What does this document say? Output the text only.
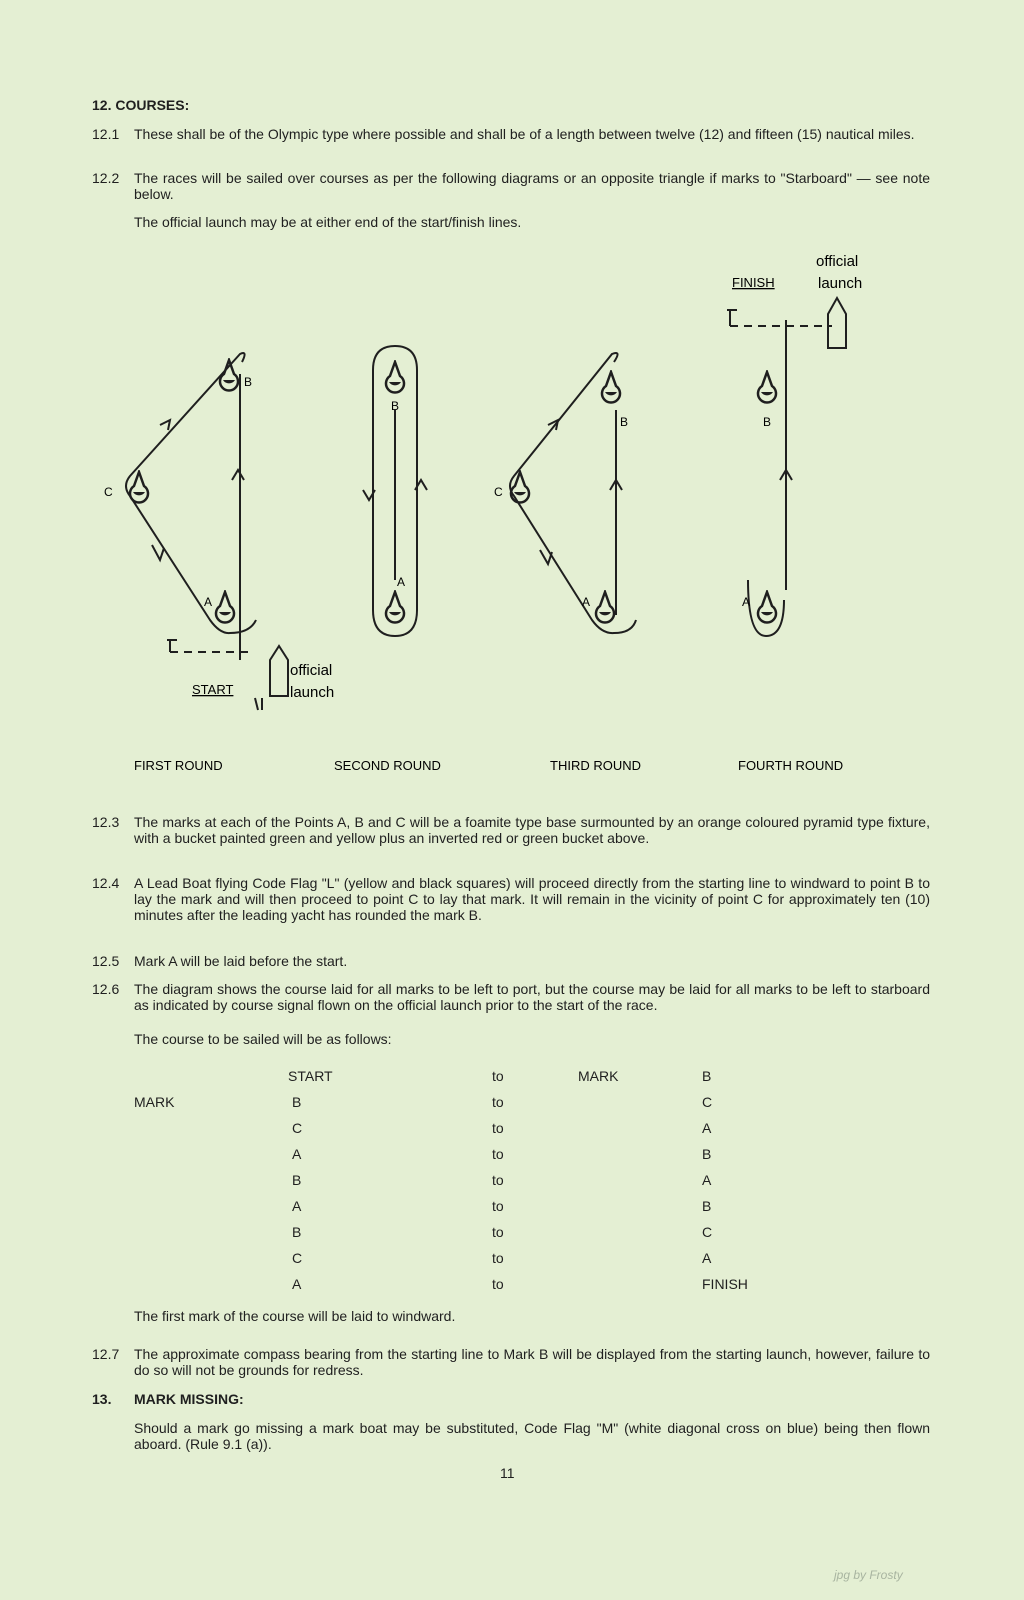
12. COURSES:
12.1 These shall be of the Olympic type where possible and shall be of a length between twelve (12) and fifteen (15) nautical miles.
12.2 The races will be sailed over courses as per the following diagrams or an opposite triangle if marks to "Starboard" — see note below.
The official launch may be at either end of the start/finish lines.
B
C
A
B
A
B
C
A
B
A
START
official
launch
FINISH
official
launch
FIRST ROUND	SECOND ROUND	THIRD ROUND	FOURTH ROUND
12.3 The marks at each of the Points A, B and C will be a foamite type base surmounted by an orange coloured pyramid type fixture, with a bucket painted green and yellow plus an inverted red or green bucket above.
12.4 A Lead Boat flying Code Flag "L" (yellow and black squares) will proceed directly from the starting line to windward to point B to lay the mark and will then proceed to point C to lay that mark. It will remain in the vicinity of point C for approximately ten (10) minutes after the leading yacht has rounded the mark B.
12.5 Mark A will be laid before the start.
12.6 The diagram shows the course laid for all marks to be left to port, but the course may be laid for all marks to be left to starboard as indicated by course signal flown on the official launch prior to the start of the race.
The course to be sailed will be as follows:
START	to	MARK	B
MARK	B	to	C
C	to	A
A	to	B
B	to	A
A	to	B
B	to	C
C	to	A
A	to	FINISH
The first mark of the course will be laid to windward.
12.7 The approximate compass bearing from the starting line to Mark B will be displayed from the starting launch, however, failure to do so will not be grounds for redress.
13. MARK MISSING:
Should a mark go missing a mark boat may be substituted, Code Flag "M" (white diagonal cross on blue) being then flown aboard. (Rule 9.1 (a)).
11
jpg by Frosty
